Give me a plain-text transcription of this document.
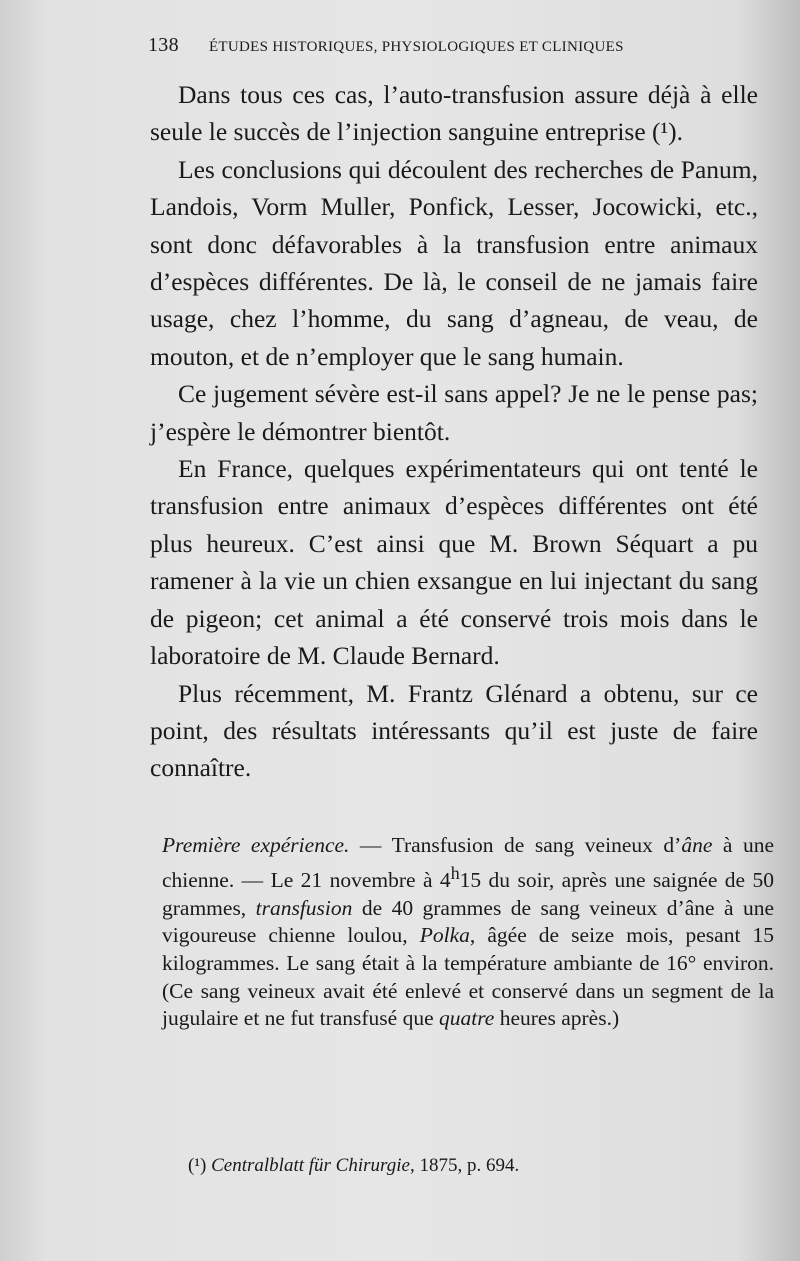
138 ÉTUDES HISTORIQUES, PHYSIOLOGIQUES ET CLINIQUES

Dans tous ces cas, l’auto-transfusion assure déjà à elle seule le succès de l’injection sanguine entreprise (¹).

Les conclusions qui découlent des recherches de Panum, Landois, Vorm Muller, Ponfick, Lesser, Jocowicki, etc., sont donc défavorables à la transfusion entre animaux d’espèces différentes. De là, le conseil de ne jamais faire usage, chez l’homme, du sang d’agneau, de veau, de mouton, et de n’employer que le sang humain.

Ce jugement sévère est-il sans appel? Je ne le pense pas; j’espère le démontrer bientôt.

En France, quelques expérimentateurs qui ont tenté le transfusion entre animaux d’espèces différentes ont été plus heureux. C’est ainsi que M. Brown Séquart a pu ramener à la vie un chien exsangue en lui injectant du sang de pigeon; cet animal a été conservé trois mois dans le laboratoire de M. Claude Bernard.

Plus récemment, M. Frantz Glénard a obtenu, sur ce point, des résultats intéressants qu’il est juste de faire connaître.

Première expérience. — Transfusion de sang veineux d’âne à une chienne. — Le 21 novembre à 4$^h$15 du soir, après une saignée de 50 grammes, transfusion de 40 grammes de sang veineux d’âne à une vigoureuse chienne loulou, Polka, âgée de seize mois, pesant 15 kilogrammes. Le sang était à la température ambiante de 16° environ. (Ce sang veineux avait été enlevé et conservé dans un segment de la jugulaire et ne fut transfusé que quatre heures après.)

(¹) Centralblatt für Chirurgie, 1875, p. 694.
